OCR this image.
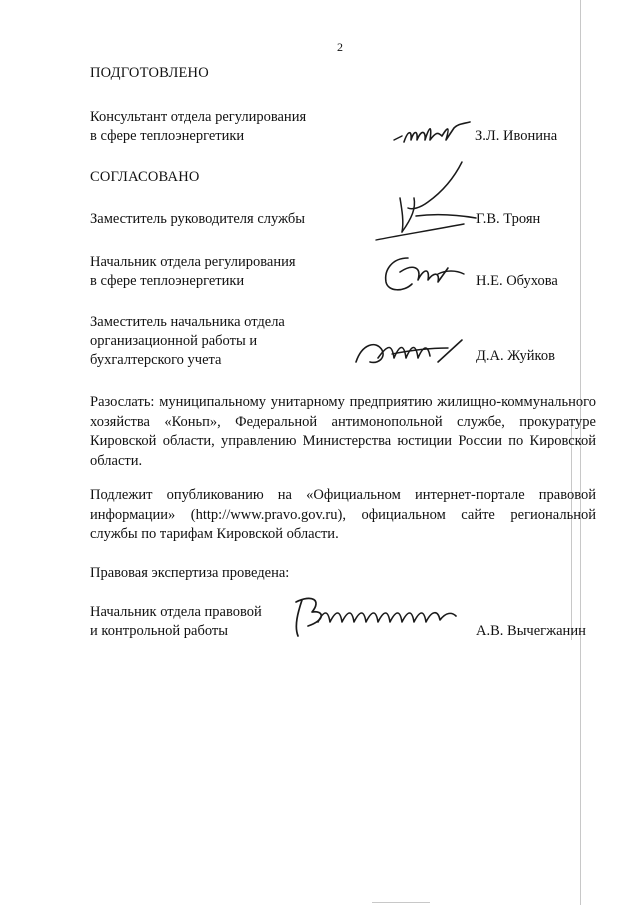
2
ПОДГОТОВЛЕНО
Консультант отдела регулирования
в сфере теплоэнергетики	З.Л. Ивонина
СОГЛАСОВАНО
Заместитель руководителя службы	Г.В. Троян
Начальник отдела регулирования
в сфере теплоэнергетики	Н.Е. Обухова
Заместитель начальника отдела
организационной работы и
бухгалтерского учета	Д.А. Жуйков
Разослать: муниципальному унитарному предприятию жилищно-коммунального хозяйства «Коньп», Федеральной антимонопольной службе, прокуратуре Кировской области, управлению Министерства юстиции России по Кировской области.
Подлежит опубликованию на «Официальном интернет-портале правовой информации» (http://www.pravo.gov.ru), официальном сайте региональной службы по тарифам Кировской области.
Правовая экспертиза проведена:
Начальник отдела правовой
и контрольной работы	А.В. Вычегжанин
